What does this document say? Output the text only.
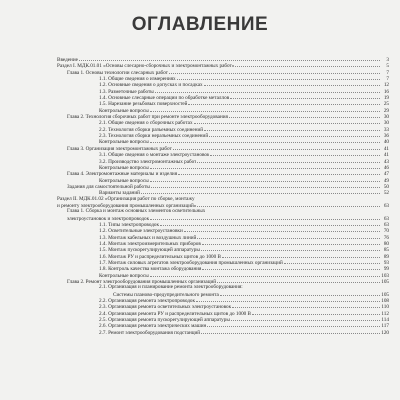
ОГЛАВЛЕНИЕ
Введение	3
Раздел I. МДК.01.01 «Основы слесарно-сборочных и электромонтажных работ»	5
Глава 1. Основы технологии слесарных работ	7
1.1. Общие сведения о измерениях	7
1.2. Основные сведения о допусках и посадках	12
1.3. Разметочные работы	16
1.4. Основные слесарные операции по обработке металлов	19
1.5. Нарезание резьбовых поверхностей	25
Контрольные вопросы	29
Глава 2. Технология сборочных работ при ремонте электрооборудования	30
2.1. Общие сведения о сборочных работах	30
2.2. Технология сборки разъемных соединений	33
2.3. Технология сборки неразъемных соединений	36
Контрольные вопросы	40
Глава 3. Организация электромонтажных работ	41
3.1. Общие сведения о монтаже электроустановок	41
3.2. Производство электромонтажных работ	43
Контрольные вопросы	46
Глава 4. Электромонтажные материалы и изделия	47
Контрольные вопросы	49
Задания для самостоятельной работы	50
Варианты заданий	52
Раздел II. МДК.01.02 «Организация работ по сборке, монтажу
и ремонту электрооборудования промышленных организаций»	63
Глава 1. Сборка и монтаж основных элементов осветительных
электроустановок и электропроводок	63
1.1. Типы электропроводок	63
1.2. Осветительные электроустановки	70
1.3. Монтаж кабельных и воздушных линий	76
1.4. Монтаж электроизмерительных приборов	80
1.5. Монтаж пускорегулирующей аппаратуры	85
1.6. Монтаж РУ и распределительных щитов до 1000 В	89
1.7. Монтаж силовых агрегатов электрооборудования промышленных организаций	93
1.8. Контроль качества монтажа оборудования	99
Контрольные вопросы	103
Глава 2. Ремонт электрооборудования промышленных организаций	105
2.1. Организация и планирование ремонта электрооборудования:
Системы планово-предупредительного ремонта	105
2.2. Организация ремонта электропроводок	108
2.3. Организация ремонта осветительных электроустановок	110
2.4. Организация ремонта РУ и распределительных щитов до 1000 В	112
2.5. Организация ремонта пускорегулирующей аппаратуры	114
2.6. Организация ремонта электрических машин	117
2.7. Ремонт электрооборудования подстанций	120
